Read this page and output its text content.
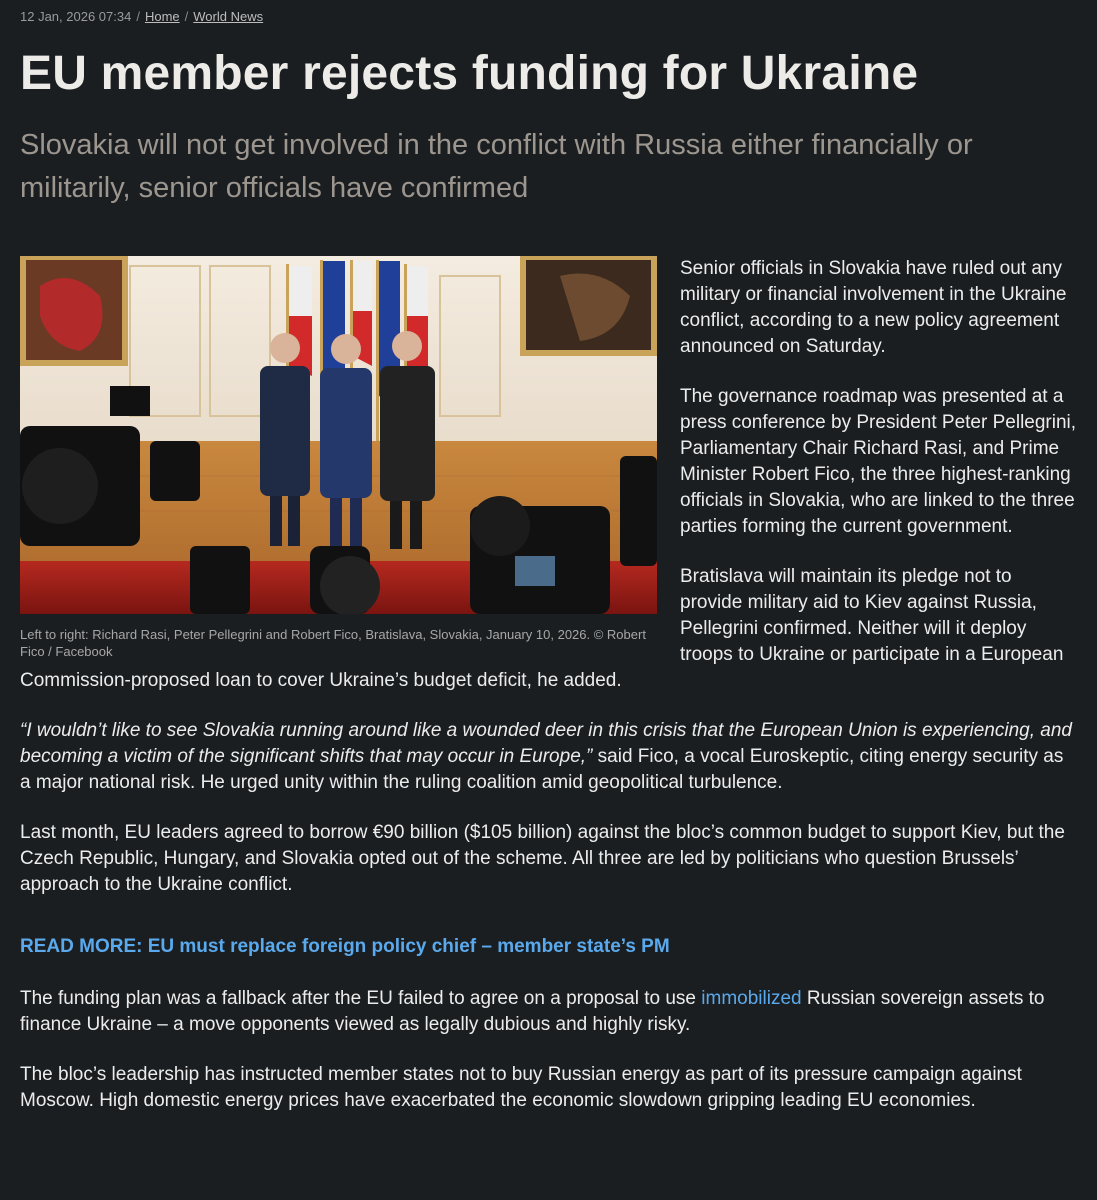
12 Jan, 2026 07:34 / Home / World News
EU member rejects funding for Ukraine

Slovakia will not get involved in the conflict with Russia either financially or militarily, senior officials have confirmed

Left to right: Richard Rasi, Peter Pellegrini and Robert Fico, Bratislava, Slovakia, January 10, 2026. © Robert Fico / Facebook

Senior officials in Slovakia have ruled out any military or financial involvement in the Ukraine conflict, according to a new policy agreement announced on Saturday.

The governance roadmap was presented at a press conference by President Peter Pellegrini, Parliamentary Chair Richard Rasi, and Prime Minister Robert Fico, the three highest-ranking officials in Slovakia, who are linked to the three parties forming the current government.

Bratislava will maintain its pledge not to provide military aid to Kiev against Russia, Pellegrini confirmed. Neither will it deploy troops to Ukraine or participate in a European Commission-proposed loan to cover Ukraine’s budget deficit, he added.

“I wouldn’t like to see Slovakia running around like a wounded deer in this crisis that the European Union is experiencing, and becoming a victim of the significant shifts that may occur in Europe,” said Fico, a vocal Euroskeptic, citing energy security as a major national risk. He urged unity within the ruling coalition amid geopolitical turbulence.

Last month, EU leaders agreed to borrow €90 billion ($105 billion) against the bloc’s common budget to support Kiev, but the Czech Republic, Hungary, and Slovakia opted out of the scheme. All three are led by politicians who question Brussels’ approach to the Ukraine conflict.

READ MORE: EU must replace foreign policy chief – member state’s PM

The funding plan was a fallback after the EU failed to agree on a proposal to use immobilized Russian sovereign assets to finance Ukraine – a move opponents viewed as legally dubious and highly risky.

The bloc’s leadership has instructed member states not to buy Russian energy as part of its pressure campaign against Moscow. High domestic energy prices have exacerbated the economic slowdown gripping leading EU economies.
